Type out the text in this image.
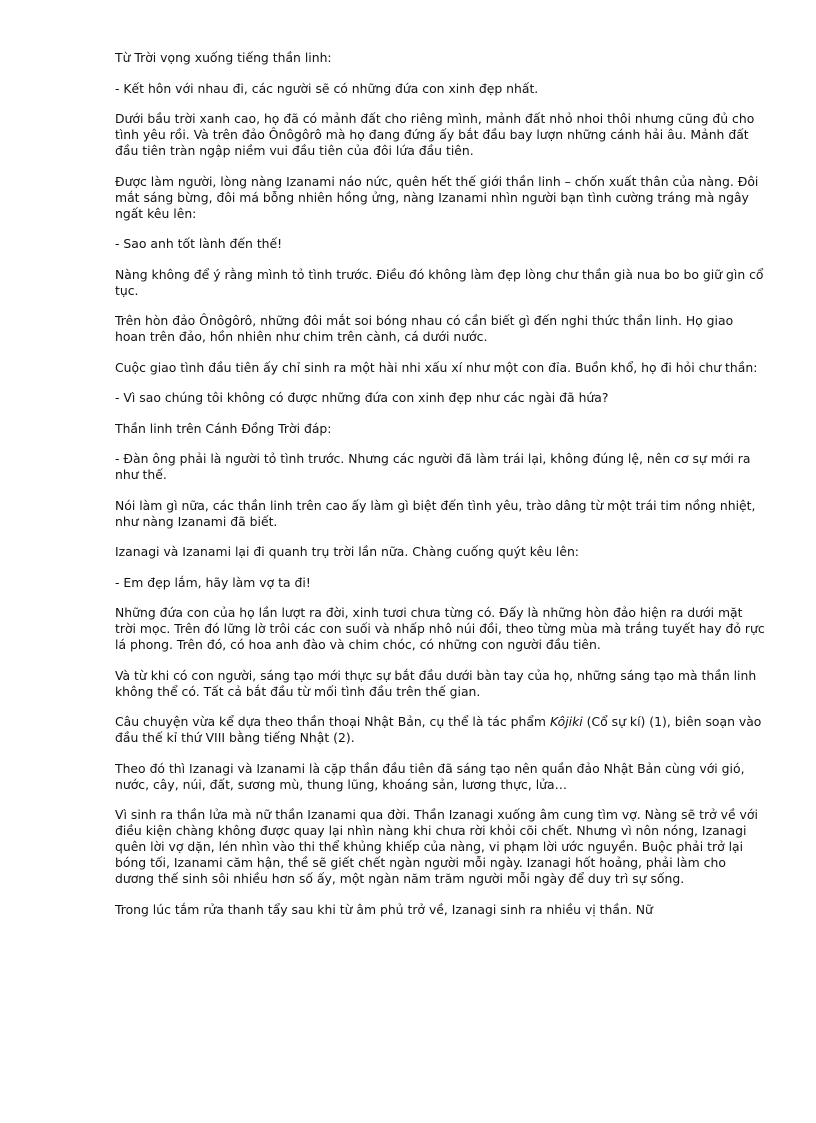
Từ Trời vọng xuống tiếng thần linh:

- Kết hôn với nhau đi, các người sẽ có những đứa con xinh đẹp nhất.

Dưới bầu trời xanh cao, họ đã có mảnh đất cho riêng mình, mảnh đất nhỏ nhoi thôi nhưng cũng đủ cho tình yêu rồi. Và trên đảo Ônôgôrô mà họ đang đứng ấy bắt đầu bay lượn những cánh hải âu. Mảnh đất đầu tiên tràn ngập niềm vui đầu tiên của đôi lứa đầu tiên.

Được làm người, lòng nàng Izanami náo nức, quên hết thế giới thần linh – chốn xuất thân của nàng. Đôi mắt sáng bừng, đôi má bỗng nhiên hồng ửng, nàng Izanami nhìn người bạn tình cường tráng mà ngây ngất kêu lên:

- Sao anh tốt lành đến thế!

Nàng không để ý rằng mình tỏ tình trước. Điều đó không làm đẹp lòng chư thần già nua bo bo giữ gìn cổ tục.

Trên hòn đảo Ônôgôrô, những đôi mắt soi bóng nhau có cần biết gì đến nghi thức thần linh. Họ giao hoan trên đảo, hồn nhiên như chim trên cành, cá dưới nước.

Cuộc giao tình đầu tiên ấy chỉ sinh ra một hài nhi xấu xí như một con đỉa. Buồn khổ, họ đi hỏi chư thần:

- Vì sao chúng tôi không có được những đứa con xinh đẹp như các ngài đã hứa?

Thần linh trên Cánh Đồng Trời đáp:

- Đàn ông phải là người tỏ tình trước. Nhưng các người đã làm trái lại, không đúng lệ, nên cơ sự mới ra như thế.

Nói làm gì nữa, các thần linh trên cao ấy làm gì biệt đến tình yêu, trào dâng từ một trái tim nồng nhiệt, như nàng Izanami đã biết.

Izanagi và Izanami lại đi quanh trụ trời lần nữa. Chàng cuống quýt kêu lên:

- Em đẹp lắm, hãy làm vợ ta đi!

Những đứa con của họ lần lượt ra đời, xinh tươi chưa từng có. Đấy là những hòn đảo hiện ra dưới mặt trời mọc. Trên đó lững lờ trôi các con suối và nhấp nhô núi đồi, theo từng mùa mà trắng tuyết hay đỏ rực lá phong. Trên đó, có hoa anh đào và chim chóc, có những con người đầu tiên.

Và từ khi có con người, sáng tạo mới thực sự bắt đầu dưới bàn tay của họ, những sáng tạo mà thần linh không thể có. Tất cả bắt đầu từ mối tình đầu trên thế gian.

Câu chuyện vừa kể dựa theo thần thoại Nhật Bản, cụ thể là tác phẩm Kôjiki (Cổ sự kí) (1), biên soạn vào đầu thế kỉ thứ VIII bằng tiếng Nhật (2).

Theo đó thì Izanagi và Izanami là cặp thần đầu tiên đã sáng tạo nên quần đảo Nhật Bản cùng với gió, nước, cây, núi, đất, sương mù, thung lũng, khoáng sản, lương thực, lửa…

Vì sinh ra thần lửa mà nữ thần Izanami qua đời. Thần Izanagi xuống âm cung tìm vợ. Nàng sẽ trở về với điều kiện chàng không được quay lại nhìn nàng khi chưa rời khỏi cõi chết. Nhưng vì nôn nóng, Izanagi quên lời vợ dặn, lén nhìn vào thi thể khủng khiếp của nàng, vi phạm lời ước nguyền. Buộc phải trở lại bóng tối, Izanami căm hận, thề sẽ giết chết ngàn người mỗi ngày. Izanagi hốt hoảng, phải làm cho dương thế sinh sôi nhiều hơn số ấy, một ngàn năm trăm người mỗi ngày để duy trì sự sống.

Trong lúc tắm rửa thanh tẩy sau khi từ âm phủ trở về, Izanagi sinh ra nhiều vị thần. Nữ
